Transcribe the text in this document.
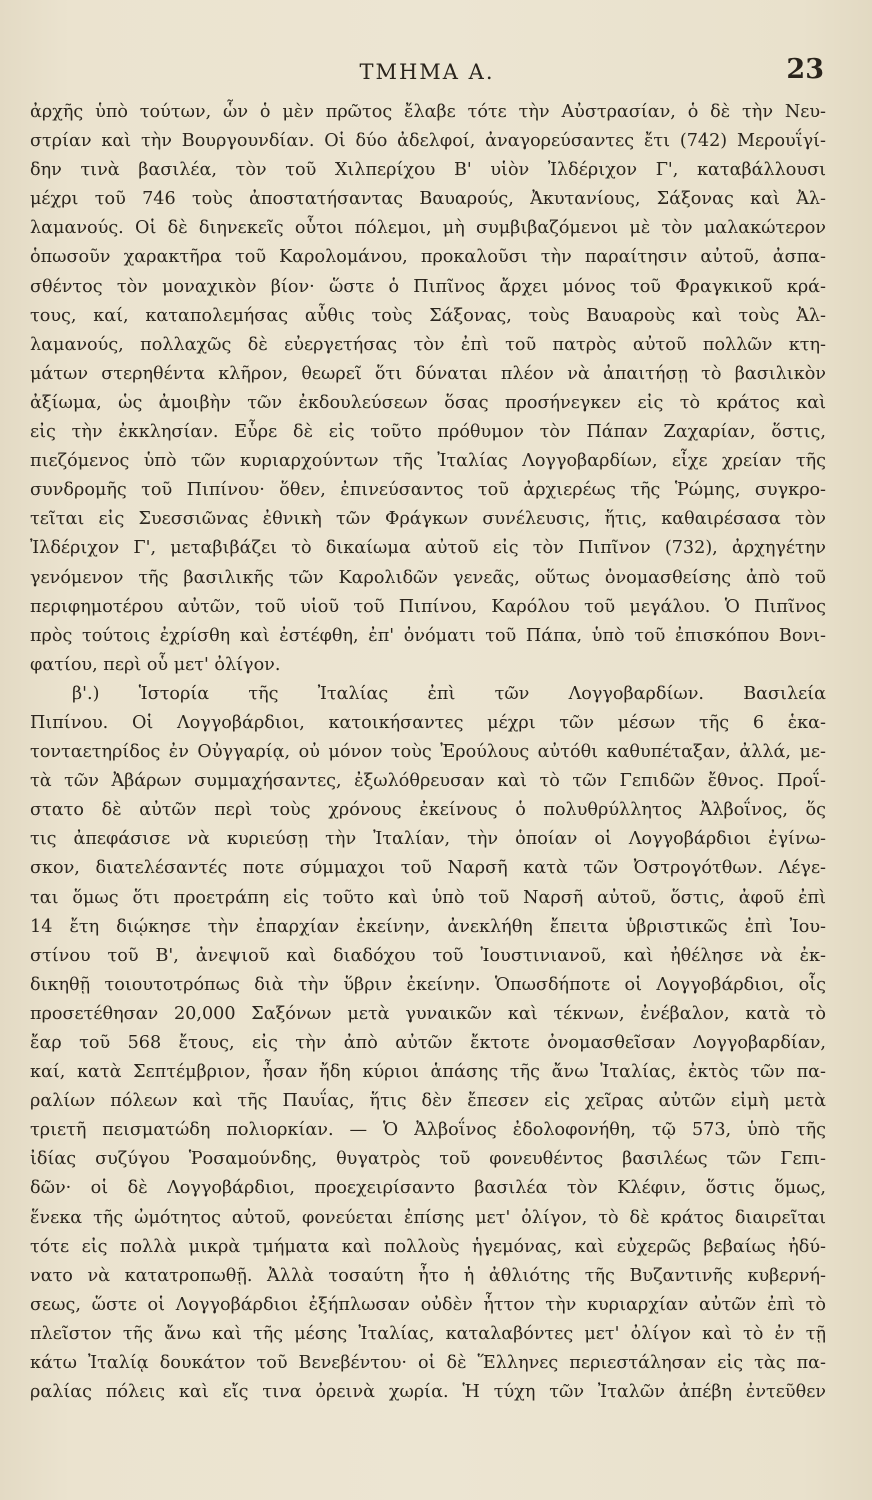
ΤΜΗΜΑ Α.	23
ἀρχῆς ὑπὸ τούτων, ὧν ὁ μὲν πρῶτος ἔλαβε τότε τὴν Αὐστρασίαν, ὁ δὲ τὴν Νευ-
στρίαν καὶ τὴν Βουργουνδίαν. Οἱ δύο ἀδελφοί, ἀναγορεύσαντες ἔτι (742) Μερουΐγί-
δην τινὰ βασιλέα, τὸν τοῦ Χιλπερίχου Β' υἱὸν Ἰλδέριχον Γ', καταβάλλουσι
μέχρι τοῦ 746 τοὺς ἀποστατήσαντας Βαυαρούς, Ἀκυτανίους, Σάξονας καὶ Ἀλ-
λαμανούς. Οἱ δὲ διηνεκεῖς οὗτοι πόλεμοι, μὴ συμβιβαζόμενοι μὲ τὸν μαλακώτερον
ὁπωσοῦν χαρακτῆρα τοῦ Καρολομάνου, προκαλοῦσι τὴν παραίτησιν αὐτοῦ, ἀσπα-
σθέντος τὸν μοναχικὸν βίον· ὥστε ὁ Πιπῖνος ἄρχει μόνος τοῦ Φραγκικοῦ κρά-
τους, καί, καταπολεμήσας αὖθις τοὺς Σάξονας, τοὺς Βαυαροὺς καὶ τοὺς Ἀλ-
λαμανούς, πολλαχῶς δὲ εὐεργετήσας τὸν ἐπὶ τοῦ πατρὸς αὐτοῦ πολλῶν κτη-
μάτων στερηθέντα κλῆρον, θεωρεῖ ὅτι δύναται πλέον νὰ ἀπαιτήσῃ τὸ βασιλικὸν
ἀξίωμα, ὡς ἀμοιβὴν τῶν ἐκδουλεύσεων ὅσας προσήνεγκεν εἰς τὸ κράτος καὶ
εἰς τὴν ἐκκλησίαν. Εὗρε δὲ εἰς τοῦτο πρόθυμον τὸν Πάπαν Ζαχαρίαν, ὅστις,
πιεζόμενος ὑπὸ τῶν κυριαρχούντων τῆς Ἰταλίας Λογγοβαρδίων, εἶχε χρείαν τῆς
συνδρομῆς τοῦ Πιπίνου· ὅθεν, ἐπινεύσαντος τοῦ ἀρχιερέως τῆς Ῥώμης, συγκρο-
τεῖται εἰς Συεσσιῶνας ἐθνικὴ τῶν Φράγκων συνέλευσις, ἥτις, καθαιρέσασα τὸν
Ἰλδέριχον Γ', μεταβιβάζει τὸ δικαίωμα αὐτοῦ εἰς τὸν Πιπῖνον (732), ἀρχηγέτην
γενόμενον τῆς βασιλικῆς τῶν Καρολιδῶν γενεᾶς, οὕτως ὀνομασθείσης ἀπὸ τοῦ
περιφημοτέρου αὐτῶν, τοῦ υἱοῦ τοῦ Πιπίνου, Καρόλου τοῦ μεγάλου. Ὁ Πιπῖνος
πρὸς τούτοις ἐχρίσθη καὶ ἐστέφθη, ἐπ' ὀνόματι τοῦ Πάπα, ὑπὸ τοῦ ἐπισκόπου Βονι-
φατίου, περὶ οὗ μετ' ὀλίγον.
β'.) Ἱστορία τῆς Ἰταλίας ἐπὶ τῶν Λογγοβαρδίων. Βασιλεία
Πιπίνου. Οἱ Λογγοβάρδιοι, κατοικήσαντες μέχρι τῶν μέσων τῆς 6 ἑκα-
τονταετηρίδος ἐν Οὐγγαρίᾳ, οὐ μόνον τοὺς Ἐρούλους αὐτόθι καθυπέταξαν, ἀλλά, με-
τὰ τῶν Ἀβάρων συμμαχήσαντες, ἐξωλόθρευσαν καὶ τὸ τῶν Γεπιδῶν ἔθνος. Προΐ-
στατο δὲ αὐτῶν περὶ τοὺς χρόνους ἐκείνους ὁ πολυθρύλλητος Ἀλβοΐνος, ὅς
τις ἀπεφάσισε νὰ κυριεύσῃ τὴν Ἰταλίαν, τὴν ὁποίαν οἱ Λογγοβάρδιοι ἐγίνω-
σκον, διατελέσαντές ποτε σύμμαχοι τοῦ Ναρσῆ κατὰ τῶν Ὀστρογότθων. Λέγε-
ται ὅμως ὅτι προετράπη εἰς τοῦτο καὶ ὑπὸ τοῦ Ναρσῆ αὐτοῦ, ὅστις, ἀφοῦ ἐπὶ
14 ἔτη διῴκησε τὴν ἐπαρχίαν ἐκείνην, ἀνεκλήθη ἔπειτα ὑβριστικῶς ἐπὶ Ἰου-
στίνου τοῦ Β', ἀνεψιοῦ καὶ διαδόχου τοῦ Ἰουστινιανοῦ, καὶ ἠθέλησε νὰ ἐκ-
δικηθῇ τοιουτοτρόπως διὰ τὴν ὕβριν ἐκείνην. Ὁπωσδήποτε οἱ Λογγοβάρδιοι, οἷς
προσετέθησαν 20,000 Σαξόνων μετὰ γυναικῶν καὶ τέκνων, ἐνέβαλον, κατὰ τὸ
ἔαρ τοῦ 568 ἔτους, εἰς τὴν ἀπὸ αὐτῶν ἔκτοτε ὀνομασθεῖσαν Λογγοβαρδίαν,
καί, κατὰ Σεπτέμβριον, ἦσαν ἤδη κύριοι ἁπάσης τῆς ἄνω Ἰταλίας, ἐκτὸς τῶν πα-
ραλίων πόλεων καὶ τῆς Παυΐας, ἥτις δὲν ἔπεσεν εἰς χεῖρας αὐτῶν εἰμὴ μετὰ
τριετῆ πεισματώδη πολιορκίαν. — Ὁ Ἀλβοΐνος ἐδολοφονήθη, τῷ 573, ὑπὸ τῆς
ἰδίας συζύγου Ῥοσαμούνδης, θυγατρὸς τοῦ φονευθέντος βασιλέως τῶν Γεπι-
δῶν· οἱ δὲ Λογγοβάρδιοι, προεχειρίσαντο βασιλέα τὸν Κλέφιν, ὅστις ὅμως,
ἕνεκα τῆς ὠμότητος αὐτοῦ, φονεύεται ἐπίσης μετ' ὀλίγον, τὸ δὲ κράτος διαιρεῖται
τότε εἰς πολλὰ μικρὰ τμήματα καὶ πολλοὺς ἡγεμόνας, καὶ εὐχερῶς βεβαίως ἠδύ-
νατο νὰ κατατροπωθῇ. Ἀλλὰ τοσαύτη ἦτο ἡ ἀθλιότης τῆς Βυζαντινῆς κυβερνή-
σεως, ὥστε οἱ Λογγοβάρδιοι ἐξήπλωσαν οὐδὲν ἧττον τὴν κυριαρχίαν αὐτῶν ἐπὶ τὸ
πλεῖστον τῆς ἄνω καὶ τῆς μέσης Ἰταλίας, καταλαβόντες μετ' ὀλίγον καὶ τὸ ἐν τῇ
κάτω Ἰταλίᾳ δουκάτον τοῦ Βενεβέντου· οἱ δὲ Ἕλληνες περιεστάλησαν εἰς τὰς πα-
ραλίας πόλεις καὶ εἴς τινα ὀρεινὰ χωρία. Ἡ τύχη τῶν Ἰταλῶν ἀπέβη ἐντεῦθεν
